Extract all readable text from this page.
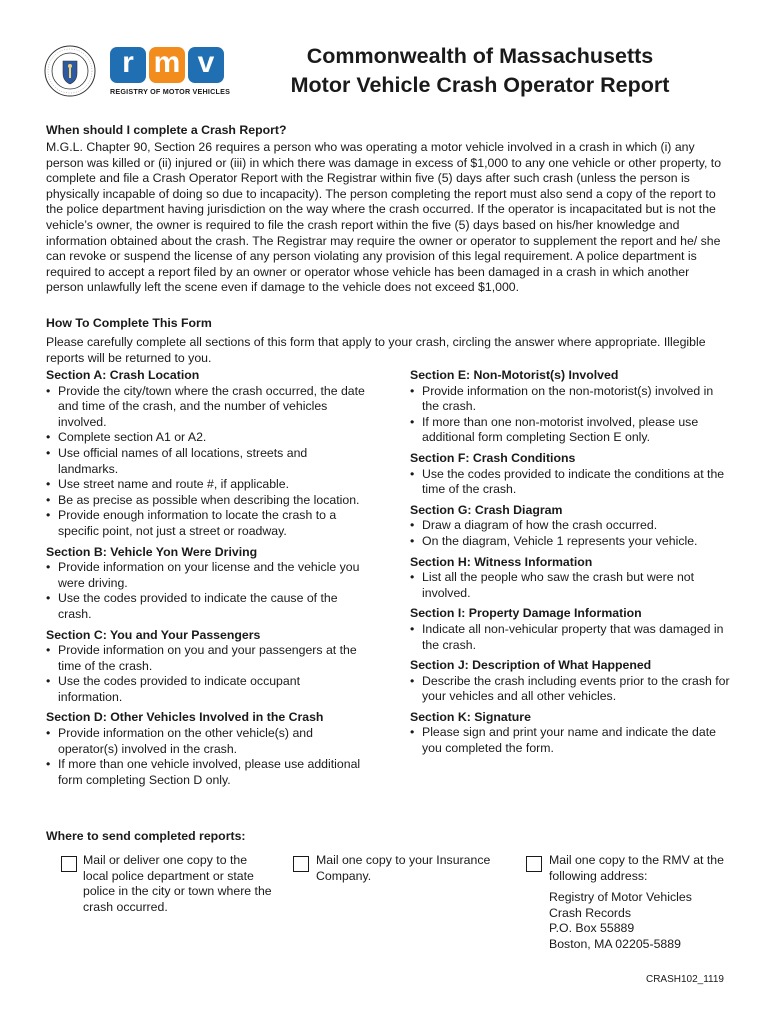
r m v
REGISTRY OF MOTOR VEHICLES
Commonwealth of Massachusetts
Motor Vehicle Crash Operator Report
When should I complete a Crash Report?
M.G.L. Chapter 90, Section 26 requires a person who was operating a motor vehicle involved in a crash in which (i) any person was killed or (ii) injured or (iii) in which there was damage in excess of $1,000 to any one vehicle or other property, to complete and file a Crash Operator Report with the Registrar within five (5) days after such crash (unless the person is physically incapable of doing so due to incapacity). The person completing the report must also send a copy of the report to the police department having jurisdiction on the way where the crash occurred. If the operator is incapacitated but is not the vehicle’s owner, the owner is required to file the crash report within the five (5) days based on his/her knowledge and information obtained about the crash. The Registrar may require the owner or operator to supplement the report and he/ she can revoke or suspend the license of any person violating any provision of this legal requirement. A police department is required to accept a report filed by an owner or operator whose vehicle has been damaged in a crash in which another person unlawfully left the scene even if damage to the vehicle does not exceed $1,000.
How To Complete This Form
Please carefully complete all sections of this form that apply to your crash, circling the answer where appropriate. Illegible reports will be returned to you.
Section A: Crash Location
• Provide the city/town where the crash occurred, the date and time of the crash, and the number of vehicles involved.
• Complete section A1 or A2.
• Use official names of all locations, streets and landmarks.
• Use street name and route #, if applicable.
• Be as precise as possible when describing the location.
• Provide enough information to locate the crash to a specific point, not just a street or roadway.
Section B: Vehicle Yon Were Driving
• Provide information on your license and the vehicle you were driving.
• Use the codes provided to indicate the cause of the crash.
Section C: You and Your Passengers
• Provide information on you and your passengers at the time of the crash.
• Use the codes provided to indicate occupant information.
Section D: Other Vehicles Involved in the Crash
• Provide information on the other vehicle(s) and operator(s) involved in the crash.
• If more than one vehicle involved, please use additional form completing Section D only.
Section E: Non-Motorist(s) Involved
• Provide information on the non-motorist(s) involved in the crash.
• If more than one non-motorist involved, please use additional form completing Section E only.
Section F: Crash Conditions
• Use the codes provided to indicate the conditions at the time of the crash.
Section G: Crash Diagram
• Draw a diagram of how the crash occurred.
• On the diagram, Vehicle 1 represents your vehicle.
Section H: Witness Information
• List all the people who saw the crash but were not involved.
Section I: Property Damage Information
• Indicate all non-vehicular property that was damaged in the crash.
Section J: Description of What Happened
• Describe the crash including events prior to the crash for your vehicles and all other vehicles.
Section K: Signature
• Please sign and print your name and indicate the date you completed the form.
Where to send completed reports:
Mail or deliver one copy to the local police department or state police in the city or town where the crash occurred.
Mail one copy to your Insurance Company.
Mail one copy to the RMV at the following address:
Registry of Motor Vehicles
Crash Records
P.O. Box 55889
Boston, MA 02205-5889
CRASH102_1119
